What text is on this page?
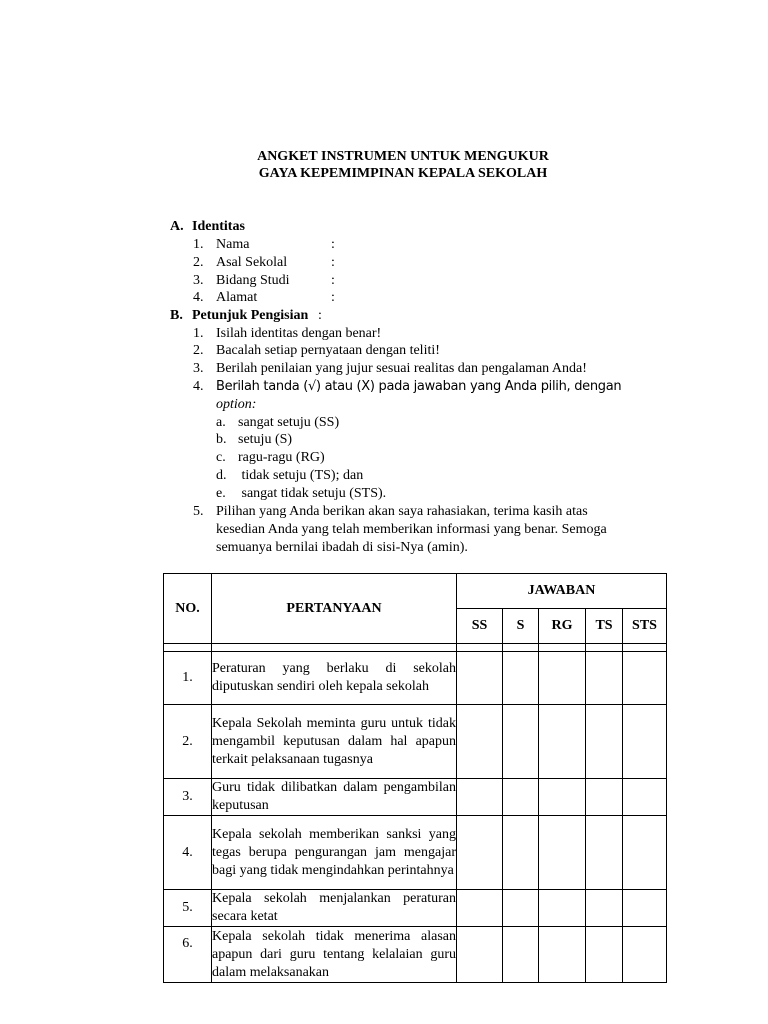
ANGKET INSTRUMEN UNTUK MENGUKUR
GAYA KEPEMIMPINAN KEPALA SEKOLAH
A. Identitas
1. Nama	:
2. Asal Sekolal	:
3. Bidang Studi	:
4. Alamat	:
B. Petunjuk Pengisian :
1. Isilah identitas dengan benar!
2. Bacalah setiap pernyataan dengan teliti!
3. Berilah penilaian yang jujur sesuai realitas dan pengalaman Anda!
4. Berilah tanda (√) atau (X) pada jawaban yang Anda pilih, dengan
option:
a. sangat setuju (SS)
b. setuju (S)
c. ragu-ragu (RG)
d. tidak setuju (TS); dan
e. sangat tidak setuju (STS).
5. Pilihan yang Anda berikan akan saya rahasiakan, terima kasih atas
kesedian Anda yang telah memberikan informasi yang benar. Semoga
semuanya bernilai ibadah di sisi-Nya (amin).
NO.	PERTANYAAN	JAWABAN				
		SS	S	RG	TS	STS

1.	Peraturan yang berlaku di sekolah diputuskan sendiri oleh kepala sekolah					
2.	Kepala Sekolah meminta guru untuk tidak mengambil keputusan dalam hal apapun terkait pelaksanaan tugasnya					
3.	Guru tidak dilibatkan dalam pengambilan keputusan					
4.	Kepala sekolah memberikan sanksi yang tegas berupa pengurangan jam mengajar bagi yang tidak mengindahkan perintahnya					
5.	Kepala sekolah menjalankan peraturan secara ketat					
6.	Kepala sekolah tidak menerima alasan apapun dari guru tentang kelalaian guru dalam melaksanakan					
